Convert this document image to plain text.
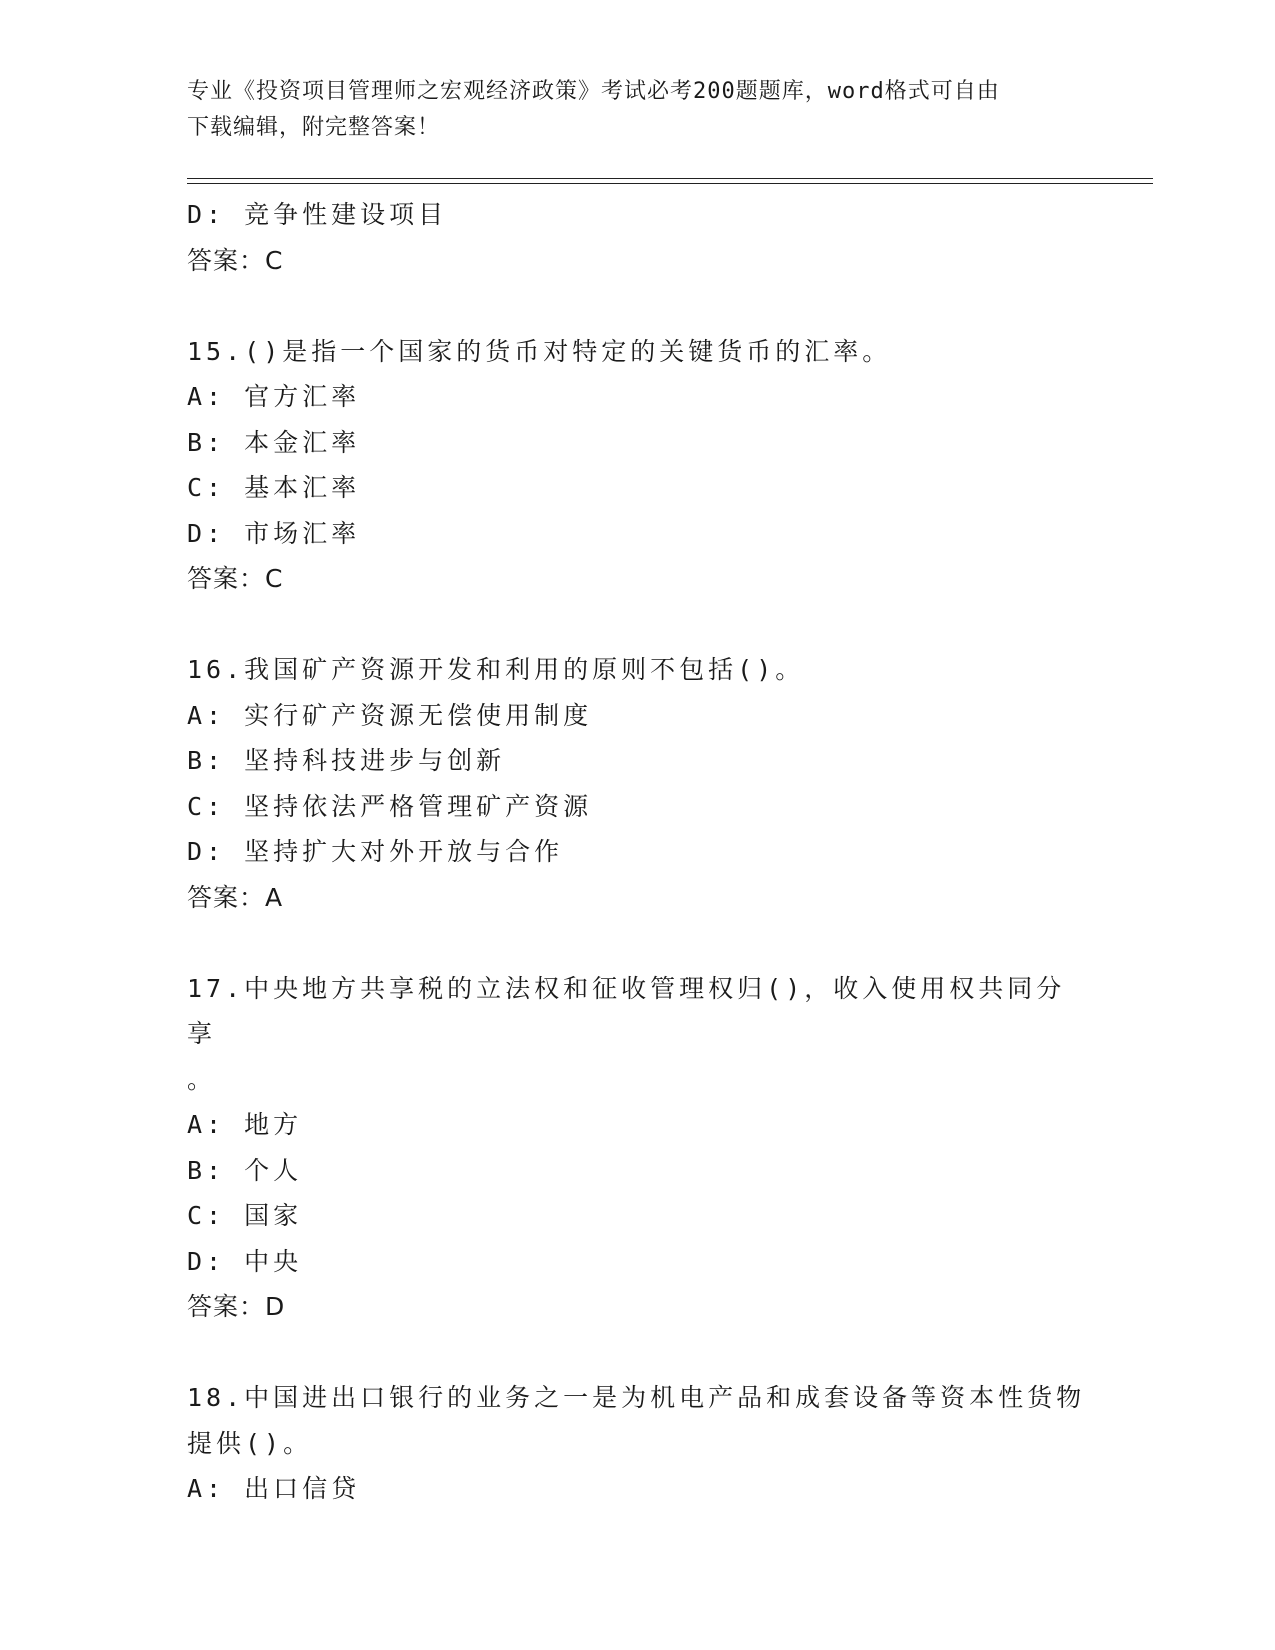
专业《投资项目管理师之宏观经济政策》考试必考200题题库，word格式可自由
下载编辑，附完整答案！
D: 竞争性建设项目
答案：C
15.()是指一个国家的货币对特定的关键货币的汇率。
A: 官方汇率
B: 本金汇率
C: 基本汇率
D: 市场汇率
答案：C
16.我国矿产资源开发和利用的原则不包括()。
A: 实行矿产资源无偿使用制度
B: 坚持科技进步与创新
C: 坚持依法严格管理矿产资源
D: 坚持扩大对外开放与合作
答案：A
17.中央地方共享税的立法权和征收管理权归()，收入使用权共同分享
。
A: 地方
B: 个人
C: 国家
D: 中央
答案：D
18.中国进出口银行的业务之一是为机电产品和成套设备等资本性货物
提供()。
A: 出口信贷
